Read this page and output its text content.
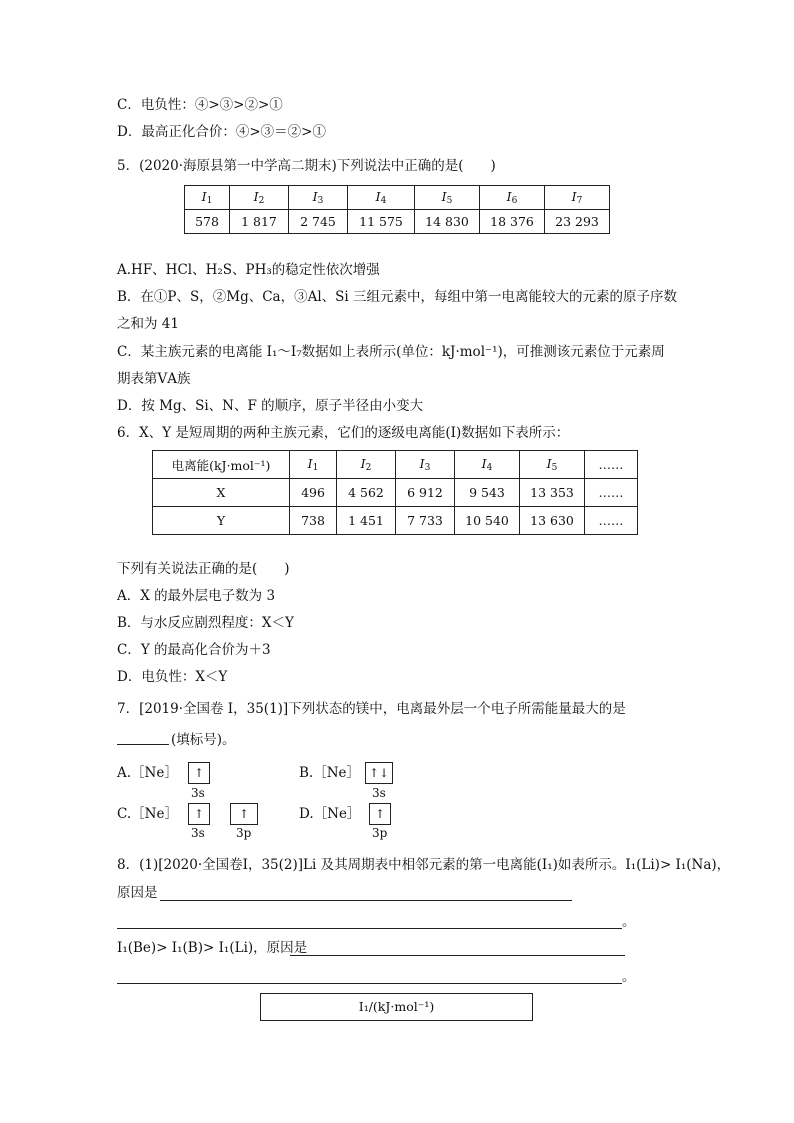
C．电负性：④>③>②>①
D．最高正化合价：④>③＝②>①
5．(2020·海原县第一中学高二期末)下列说法中正确的是(　　)
I1	I2	I3	I4	I5	I6	I7
578	1 817	2 745	11 575	14 830	18 376	23 293
A.HF、HCl、H₂S、PH₃的稳定性依次增强
B．在①P、S，②Mg、Ca，③Al、Si 三组元素中，每组中第一电离能较大的元素的原子序数
之和为 41
C．某主族元素的电离能 I₁～I₇数据如上表所示(单位：kJ·mol⁻¹)，可推测该元素位于元素周
期表第ⅤA族
D．按 Mg、Si、N、F 的顺序，原子半径由小变大
6．X、Y 是短周期的两种主族元素，它们的逐级电离能(I)数据如下表所示：
电离能(kJ·mol⁻¹)	I1	I2	I3	I4	I5	……
X	496	4 562	6 912	9 543	13 353	……
Y	738	1 451	7 733	10 540	13 630	……
下列有关说法正确的是(　　)
A．X 的最外层电子数为 3
B．与水反应剧烈程度：X＜Y
C．Y 的最高化合价为＋3
D．电负性：X＜Y
7．[2019·全国卷 Ⅰ，35(1)]下列状态的镁中，电离最外层一个电子所需能量最大的是
(填标号)。
A.［Ne］	↑
3s
B.［Ne］ ↑↓
3s
C.［Ne］	↑
3s
↑
3p
D.［Ne］	↑
3p
8．(1)[2020·全国卷Ⅰ，35(2)]Li 及其周期表中相邻元素的第一电离能(I₁)如表所示。I₁(Li)> I₁(Na)，
原因是
。
I₁(Be)> I₁(B)> I₁(Li)，原因是
。
I₁/(kJ·mol⁻¹)
